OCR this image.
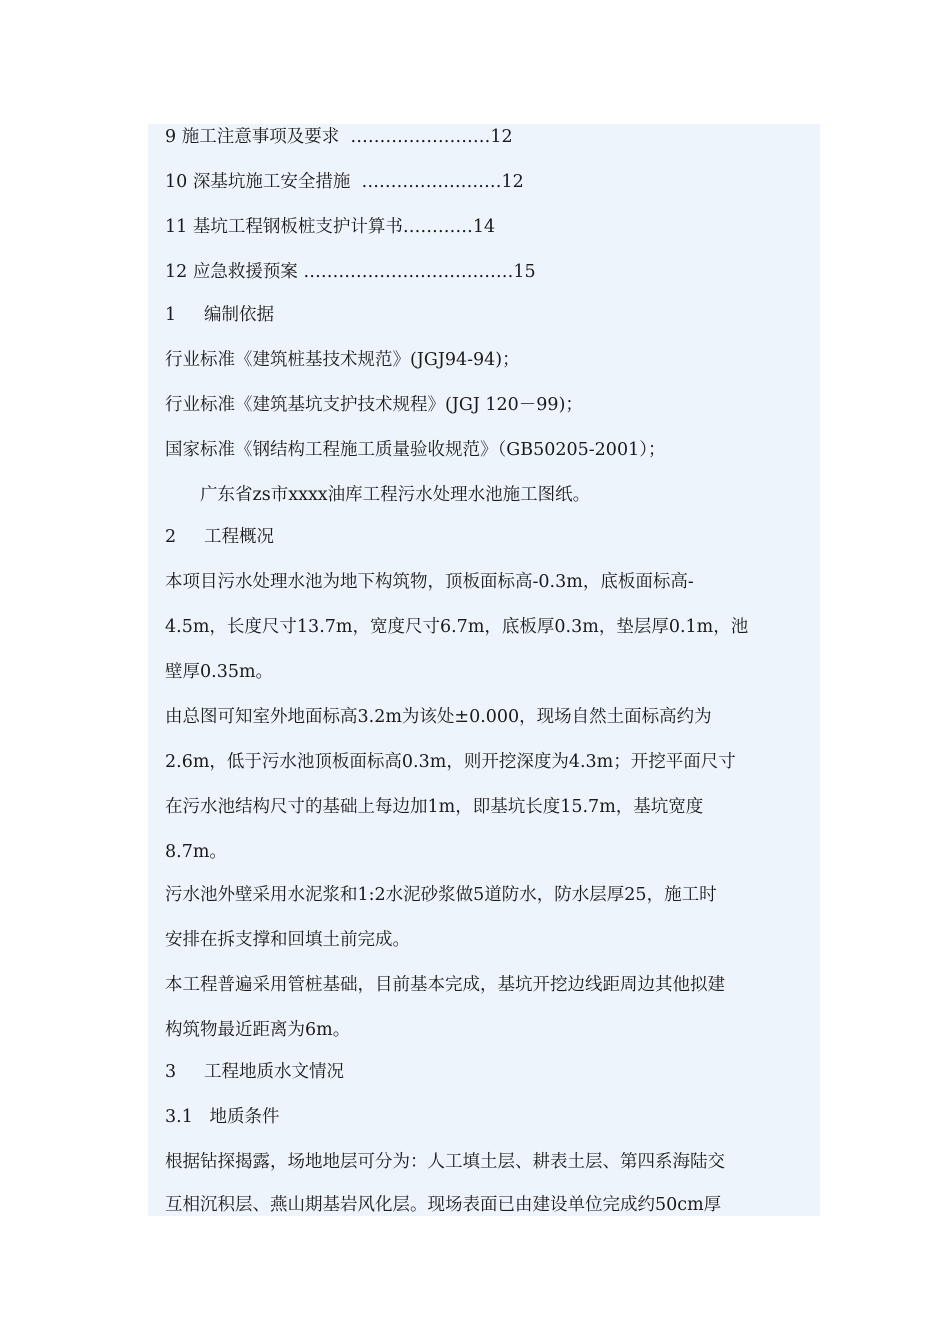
9 施工注意事项及要求  ……………………12
10 深基坑施工安全措施  ……………………12
11 基坑工程钢板桩支护计算书…………14
12 应急救援预案 ………………………………15
1     编制依据
行业标准《建筑桩基技术规范》(JGJ94-94)；
行业标准《建筑基坑支护技术规程》(JGJ 120－99)；
国家标准《钢结构工程施工质量验收规范》（GB50205-2001）；
广东省zs市xxxx油库工程污水处理水池施工图纸。
2     工程概况
本项目污水处理水池为地下构筑物，顶板面标高-0.3m，底板面标高-
4.5m，长度尺寸13.7m，宽度尺寸6.7m，底板厚0.3m，垫层厚0.1m，池
壁厚0.35m。
由总图可知室外地面标高3.2m为该处±0.000，现场自然土面标高约为
2.6m，低于污水池顶板面标高0.3m，则开挖深度为4.3m；开挖平面尺寸
在污水池结构尺寸的基础上每边加1m，即基坑长度15.7m，基坑宽度
8.7m。
污水池外壁采用水泥浆和1:2水泥砂浆做5道防水，防水层厚25，施工时
安排在拆支撑和回填土前完成。
本工程普遍采用管桩基础，目前基本完成，基坑开挖边线距周边其他拟建
构筑物最近距离为6m。
3     工程地质水文情况
3.1   地质条件
根据钻探揭露，场地地层可分为：人工填土层、耕表土层、第四系海陆交
互相沉积层、燕山期基岩风化层。现场表面已由建设单位完成约50cm厚
